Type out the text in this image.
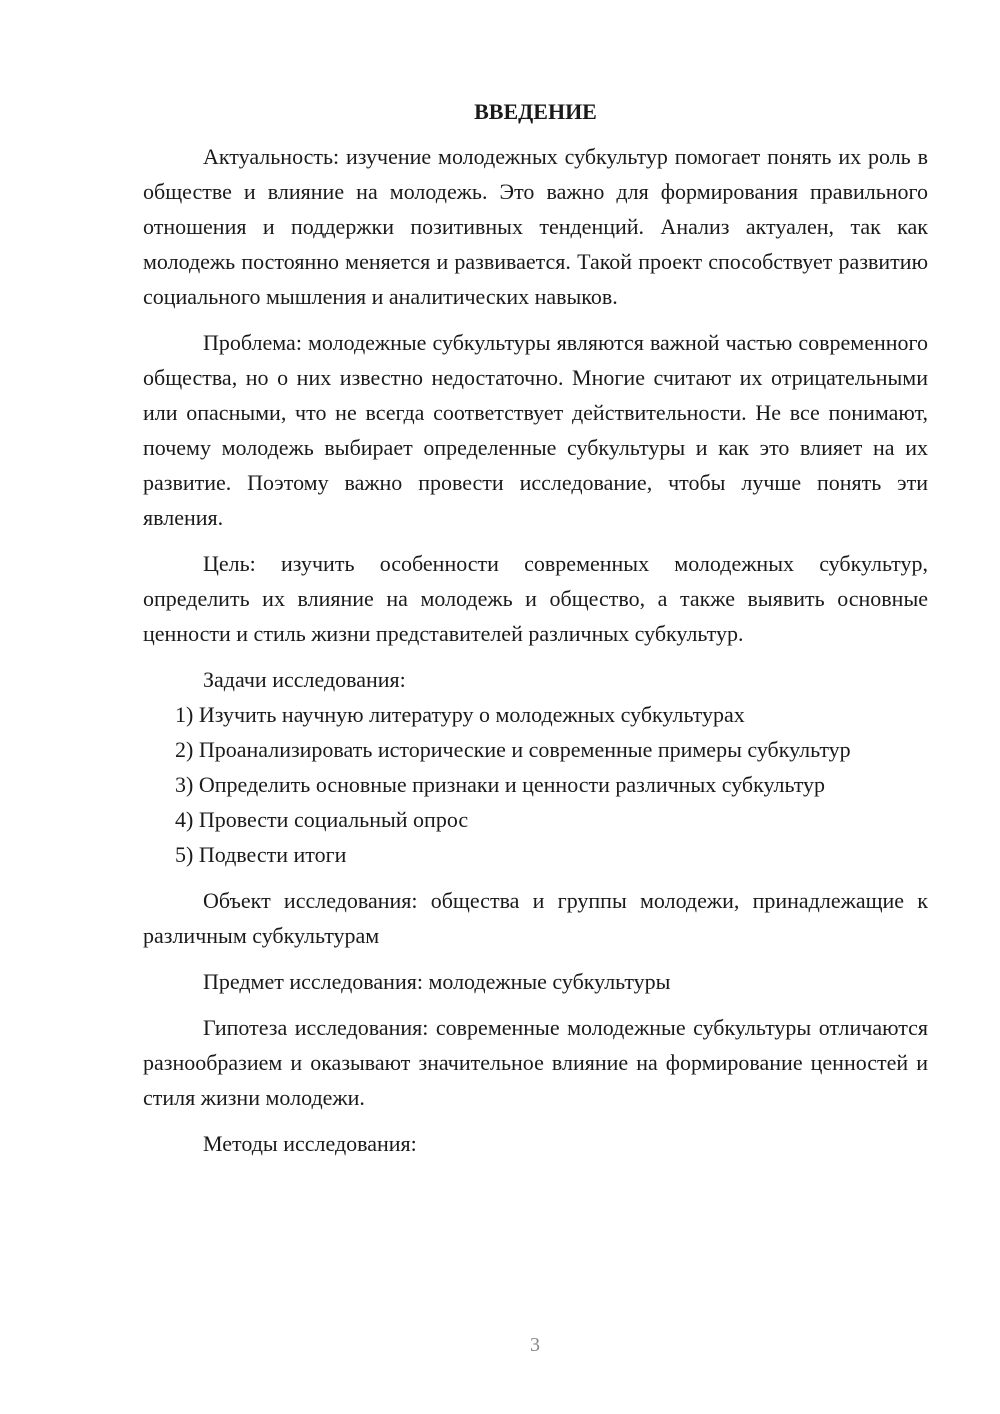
ВВЕДЕНИЕ

Актуальность: изучение молодежных субкультур помогает понять их роль в обществе и влияние на молодежь. Это важно для формирования правильного отношения и поддержки позитивных тенденций. Анализ актуален, так как молодежь постоянно меняется и развивается. Такой проект способствует развитию социального мышления и аналитических навыков.

Проблема: молодежные субкультуры являются важной частью современного общества, но о них известно недостаточно. Многие считают их отрицательными или опасными, что не всегда соответствует действительности. Не все понимают, почему молодежь выбирает определенные субкультуры и как это влияет на их развитие. Поэтому важно провести исследование, чтобы лучше понять эти явления.

Цель: изучить особенности современных молодежных субкультур, определить их влияние на молодежь и общество, а также выявить основные ценности и стиль жизни представителей различных субкультур.

Задачи исследования:

1) Изучить научную литературу о молодежных субкультурах

2) Проанализировать исторические и современные примеры субкультур

3) Определить основные признаки и ценности различных субкультур

4) Провести социальный опрос

5) Подвести итоги

Объект исследования: общества и группы молодежи, принадлежащие к различным субкультурам

Предмет исследования: молодежные субкультуры

Гипотеза исследования: современные молодежные субкультуры отличаются разнообразием и оказывают значительное влияние на формирование ценностей и стиля жизни молодежи.

Методы исследования:

3
